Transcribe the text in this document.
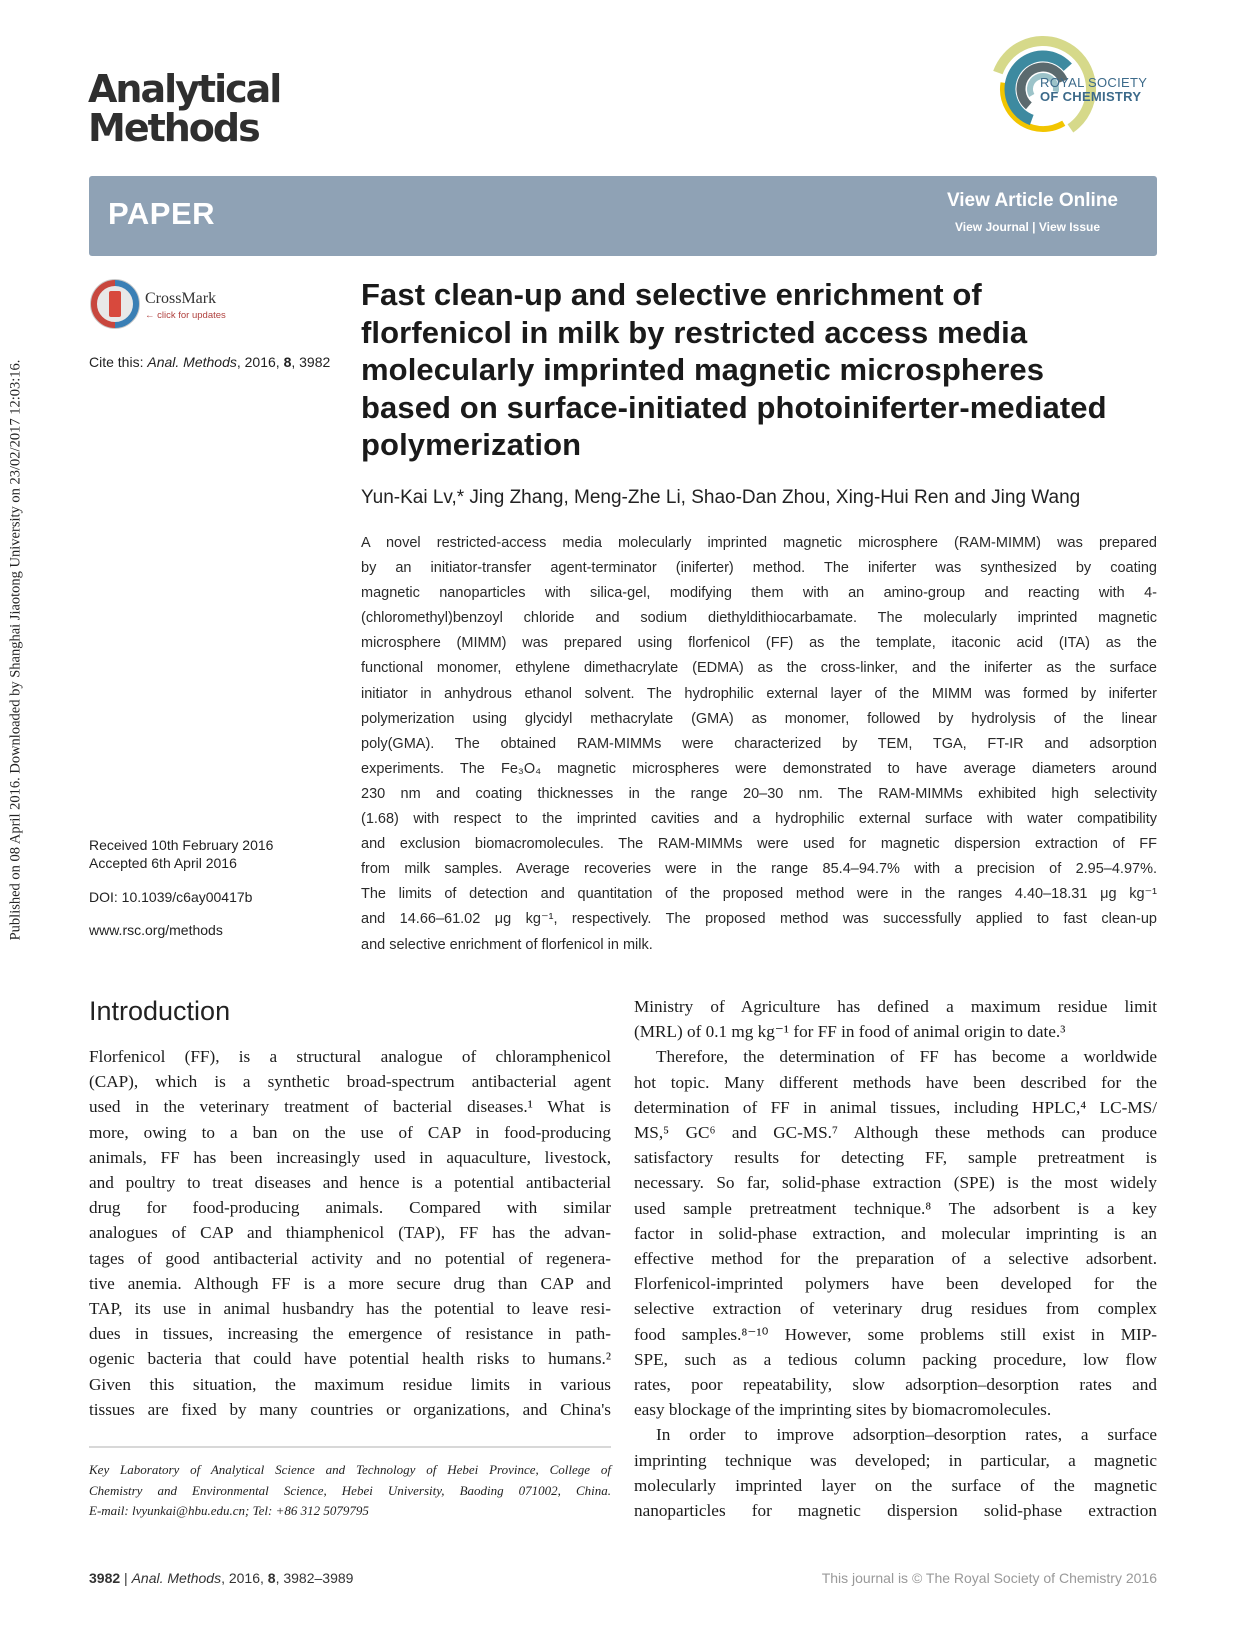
Published on 08 April 2016. Downloaded by Shanghai Jiaotong University on 23/02/2017 12:03:16.
Analytical
Methods
ROYAL SOCIETY
OF CHEMISTRY
PAPER	View Article Online
View Journal | View Issue
CrossMark
← click for updates
Cite this: Anal. Methods, 2016, 8, 3982
Received 10th February 2016
Accepted 6th April 2016
DOI: 10.1039/c6ay00417b
www.rsc.org/methods
Fast clean-up and selective enrichment of
florfenicol in milk by restricted access media
molecularly imprinted magnetic microspheres
based on surface-initiated photoiniferter-mediated
polymerization
Yun-Kai Lv,* Jing Zhang, Meng-Zhe Li, Shao-Dan Zhou, Xing-Hui Ren and Jing Wang
A novel restricted-access media molecularly imprinted magnetic microsphere (RAM-MIMM) was prepared
by an initiator-transfer agent-terminator (iniferter) method. The iniferter was synthesized by coating
magnetic nanoparticles with silica-gel, modifying them with an amino-group and reacting with 4-
(chloromethyl)benzoyl chloride and sodium diethyldithiocarbamate. The molecularly imprinted magnetic
microsphere (MIMM) was prepared using florfenicol (FF) as the template, itaconic acid (ITA) as the
functional monomer, ethylene dimethacrylate (EDMA) as the cross-linker, and the iniferter as the surface
initiator in anhydrous ethanol solvent. The hydrophilic external layer of the MIMM was formed by iniferter
polymerization using glycidyl methacrylate (GMA) as monomer, followed by hydrolysis of the linear
poly(GMA). The obtained RAM-MIMMs were characterized by TEM, TGA, FT-IR and adsorption
experiments. The Fe₃O₄ magnetic microspheres were demonstrated to have average diameters around
230 nm and coating thicknesses in the range 20–30 nm. The RAM-MIMMs exhibited high selectivity
(1.68) with respect to the imprinted cavities and a hydrophilic external surface with water compatibility
and exclusion biomacromolecules. The RAM-MIMMs were used for magnetic dispersion extraction of FF
from milk samples. Average recoveries were in the range 85.4–94.7% with a precision of 2.95–4.97%.
The limits of detection and quantitation of the proposed method were in the ranges 4.40–18.31 μg kg⁻¹
and 14.66–61.02 μg kg⁻¹, respectively. The proposed method was successfully applied to fast clean-up
and selective enrichment of florfenicol in milk.
Introduction
Florfenicol (FF), is a structural analogue of chloramphenicol
(CAP), which is a synthetic broad-spectrum antibacterial agent
used in the veterinary treatment of bacterial diseases.¹ What is
more, owing to a ban on the use of CAP in food-producing
animals, FF has been increasingly used in aquaculture, livestock,
and poultry to treat diseases and hence is a potential antibacterial
drug for food-producing animals. Compared with similar
analogues of CAP and thiamphenicol (TAP), FF has the advan-
tages of good antibacterial activity and no potential of regenera-
tive anemia. Although FF is a more secure drug than CAP and
TAP, its use in animal husbandry has the potential to leave resi-
dues in tissues, increasing the emergence of resistance in path-
ogenic bacteria that could have potential health risks to humans.²
Given this situation, the maximum residue limits in various
tissues are fixed by many countries or organizations, and China's
Ministry of Agriculture has defined a maximum residue limit
(MRL) of 0.1 mg kg⁻¹ for FF in food of animal origin to date.³
Therefore, the determination of FF has become a worldwide
hot topic. Many different methods have been described for the
determination of FF in animal tissues, including HPLC,⁴ LC-MS/
MS,⁵ GC⁶ and GC-MS.⁷ Although these methods can produce
satisfactory results for detecting FF, sample pretreatment is
necessary. So far, solid-phase extraction (SPE) is the most widely
used sample pretreatment technique.⁸ The adsorbent is a key
factor in solid-phase extraction, and molecular imprinting is an
effective method for the preparation of a selective adsorbent.
Florfenicol-imprinted polymers have been developed for the
selective extraction of veterinary drug residues from complex
food samples.⁸⁻¹⁰ However, some problems still exist in MIP-
SPE, such as a tedious column packing procedure, low flow
rates, poor repeatability, slow adsorption–desorption rates and
easy blockage of the imprinting sites by biomacromolecules.
In order to improve adsorption–desorption rates, a surface
imprinting technique was developed; in particular, a magnetic
molecularly imprinted layer on the surface of the magnetic
nanoparticles for magnetic dispersion solid-phase extraction
Key Laboratory of Analytical Science and Technology of Hebei Province, College of
Chemistry and Environmental Science, Hebei University, Baoding 071002, China.
E-mail: lvyunkai@hbu.edu.cn; Tel: +86 312 5079795
3982 | Anal. Methods, 2016, 8, 3982–3989	This journal is © The Royal Society of Chemistry 2016
